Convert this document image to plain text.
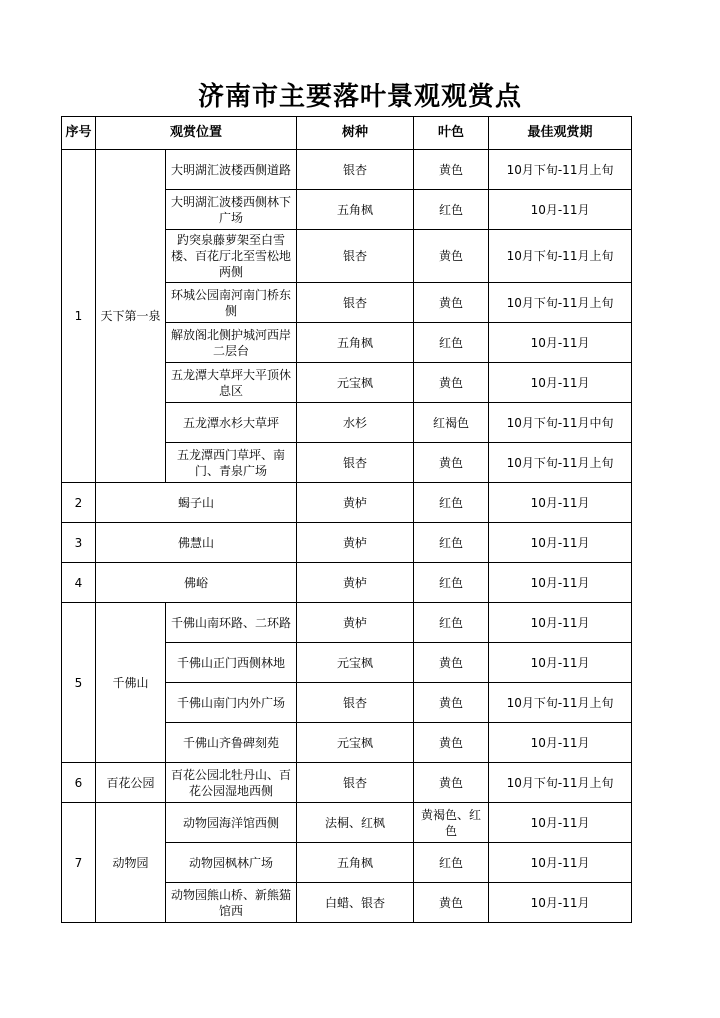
济南市主要落叶景观观赏点
序号	观赏位置		树种	叶色	最佳观赏期
1	天下第一泉	大明湖汇波楼西侧道路	银杏	黄色	10月下旬-11月上旬
		大明湖汇波楼西侧林下广场	五角枫	红色	10月-11月
		趵突泉藤萝架至白雪楼、百花厅北至雪松地两侧	银杏	黄色	10月下旬-11月上旬
		环城公园南河南门桥东侧	银杏	黄色	10月下旬-11月上旬
		解放阁北侧护城河西岸二层台	五角枫	红色	10月-11月
		五龙潭大草坪大平顶休息区	元宝枫	黄色	10月-11月
		五龙潭水杉大草坪	水杉	红褐色	10月下旬-11月中旬
		五龙潭西门草坪、南门、青泉广场	银杏	黄色	10月下旬-11月上旬
2	蝎子山		黄栌	红色	10月-11月
3	佛慧山		黄栌	红色	10月-11月
4	佛峪		黄栌	红色	10月-11月
5	千佛山	千佛山南环路、二环路	黄栌	红色	10月-11月
		千佛山正门西侧林地	元宝枫	黄色	10月-11月
		千佛山南门内外广场	银杏	黄色	10月下旬-11月上旬
		千佛山齐鲁碑刻苑	元宝枫	黄色	10月-11月
6	百花公园	百花公园北牡丹山、百花公园湿地西侧	银杏	黄色	10月下旬-11月上旬
7	动物园	动物园海洋馆西侧	法桐、红枫	黄褐色、红色	10月-11月
		动物园枫林广场	五角枫	红色	10月-11月
		动物园熊山桥、新熊猫馆西	白蜡、银杏	黄色	10月-11月
